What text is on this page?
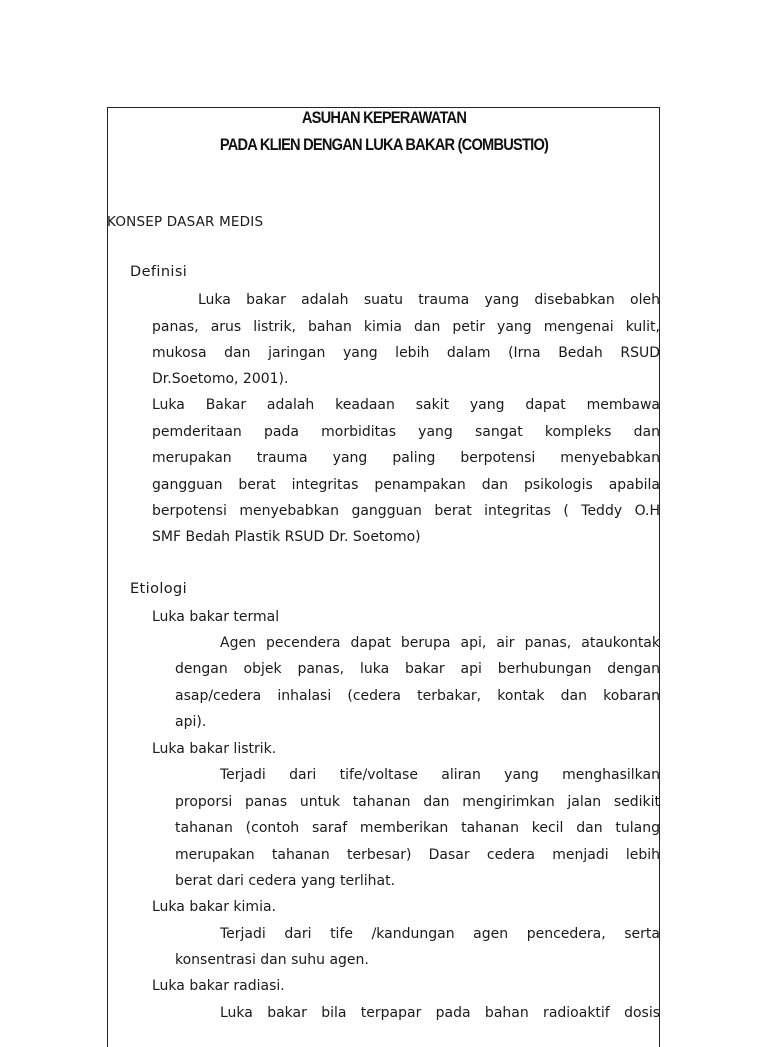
ASUHAN KEPERAWATAN
PADA KLIEN DENGAN LUKA BAKAR (COMBUSTIO)
KONSEP DASAR MEDIS
Definisi
Luka bakar adalah suatu trauma yang disebabkan oleh
panas, arus listrik, bahan kimia dan petir yang mengenai kulit,
mukosa dan jaringan yang lebih dalam (Irna Bedah RSUD
Dr.Soetomo, 2001).
Luka Bakar adalah keadaan sakit yang dapat membawa
pemderitaan pada morbiditas yang sangat kompleks dan
merupakan trauma yang paling berpotensi menyebabkan
gangguan berat integritas penampakan dan psikologis apabila
berpotensi menyebabkan gangguan berat integritas ( Teddy O.H
SMF Bedah Plastik RSUD Dr. Soetomo)
Etiologi
Luka bakar termal
Agen pecendera dapat berupa api, air panas, ataukontak
dengan objek panas, luka bakar api berhubungan dengan
asap/cedera inhalasi (cedera terbakar, kontak dan kobaran
api).
Luka bakar listrik.
Terjadi dari tife/voltase aliran yang menghasilkan
proporsi panas untuk tahanan dan mengirimkan jalan sedikit
tahanan (contoh saraf memberikan tahanan kecil dan tulang
merupakan tahanan terbesar) Dasar cedera menjadi lebih
berat dari cedera yang terlihat.
Luka bakar kimia.
Terjadi dari tife /kandungan agen pencedera, serta
konsentrasi dan suhu agen.
Luka bakar radiasi.
Luka bakar bila terpapar pada bahan radioaktif dosis
